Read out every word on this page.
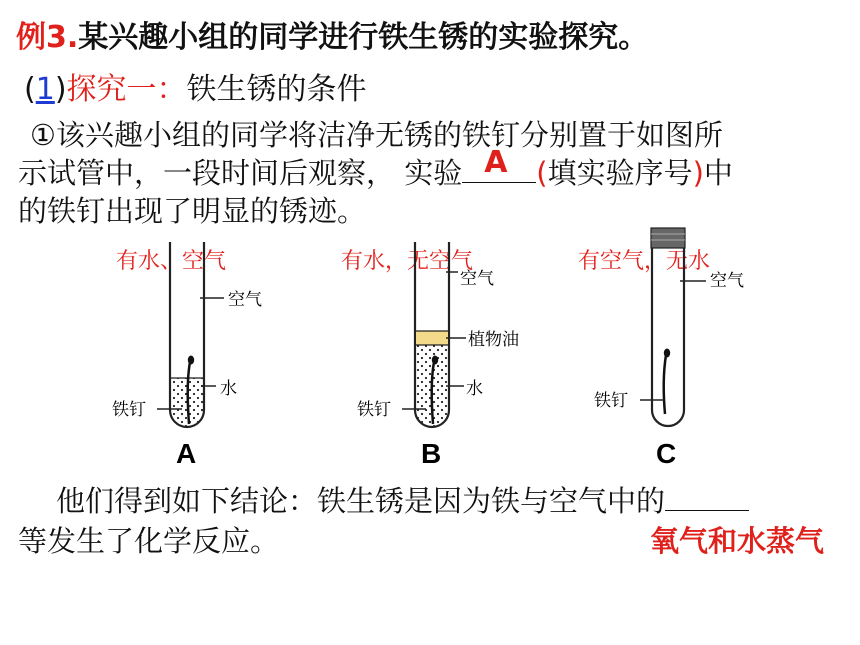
例3.某兴趣小组的同学进行铁生锈的实验探究。
(1)探究一：铁生锈的条件
①该兴趣小组的同学将洁净无锈的铁钉分别置于如图所
示试管中，一段时间后观察， 实验 A (填实验序号)中
的铁钉出现了明显的锈迹。
有水、空气	有水，无空气	有空气，无水
空气
水
铁钉
A
空气
植物油
水
铁钉
B
空气
铁钉
C
他们得到如下结论：铁生锈是因为铁与空气中的
等发生了化学反应。	氧气和水蒸气
